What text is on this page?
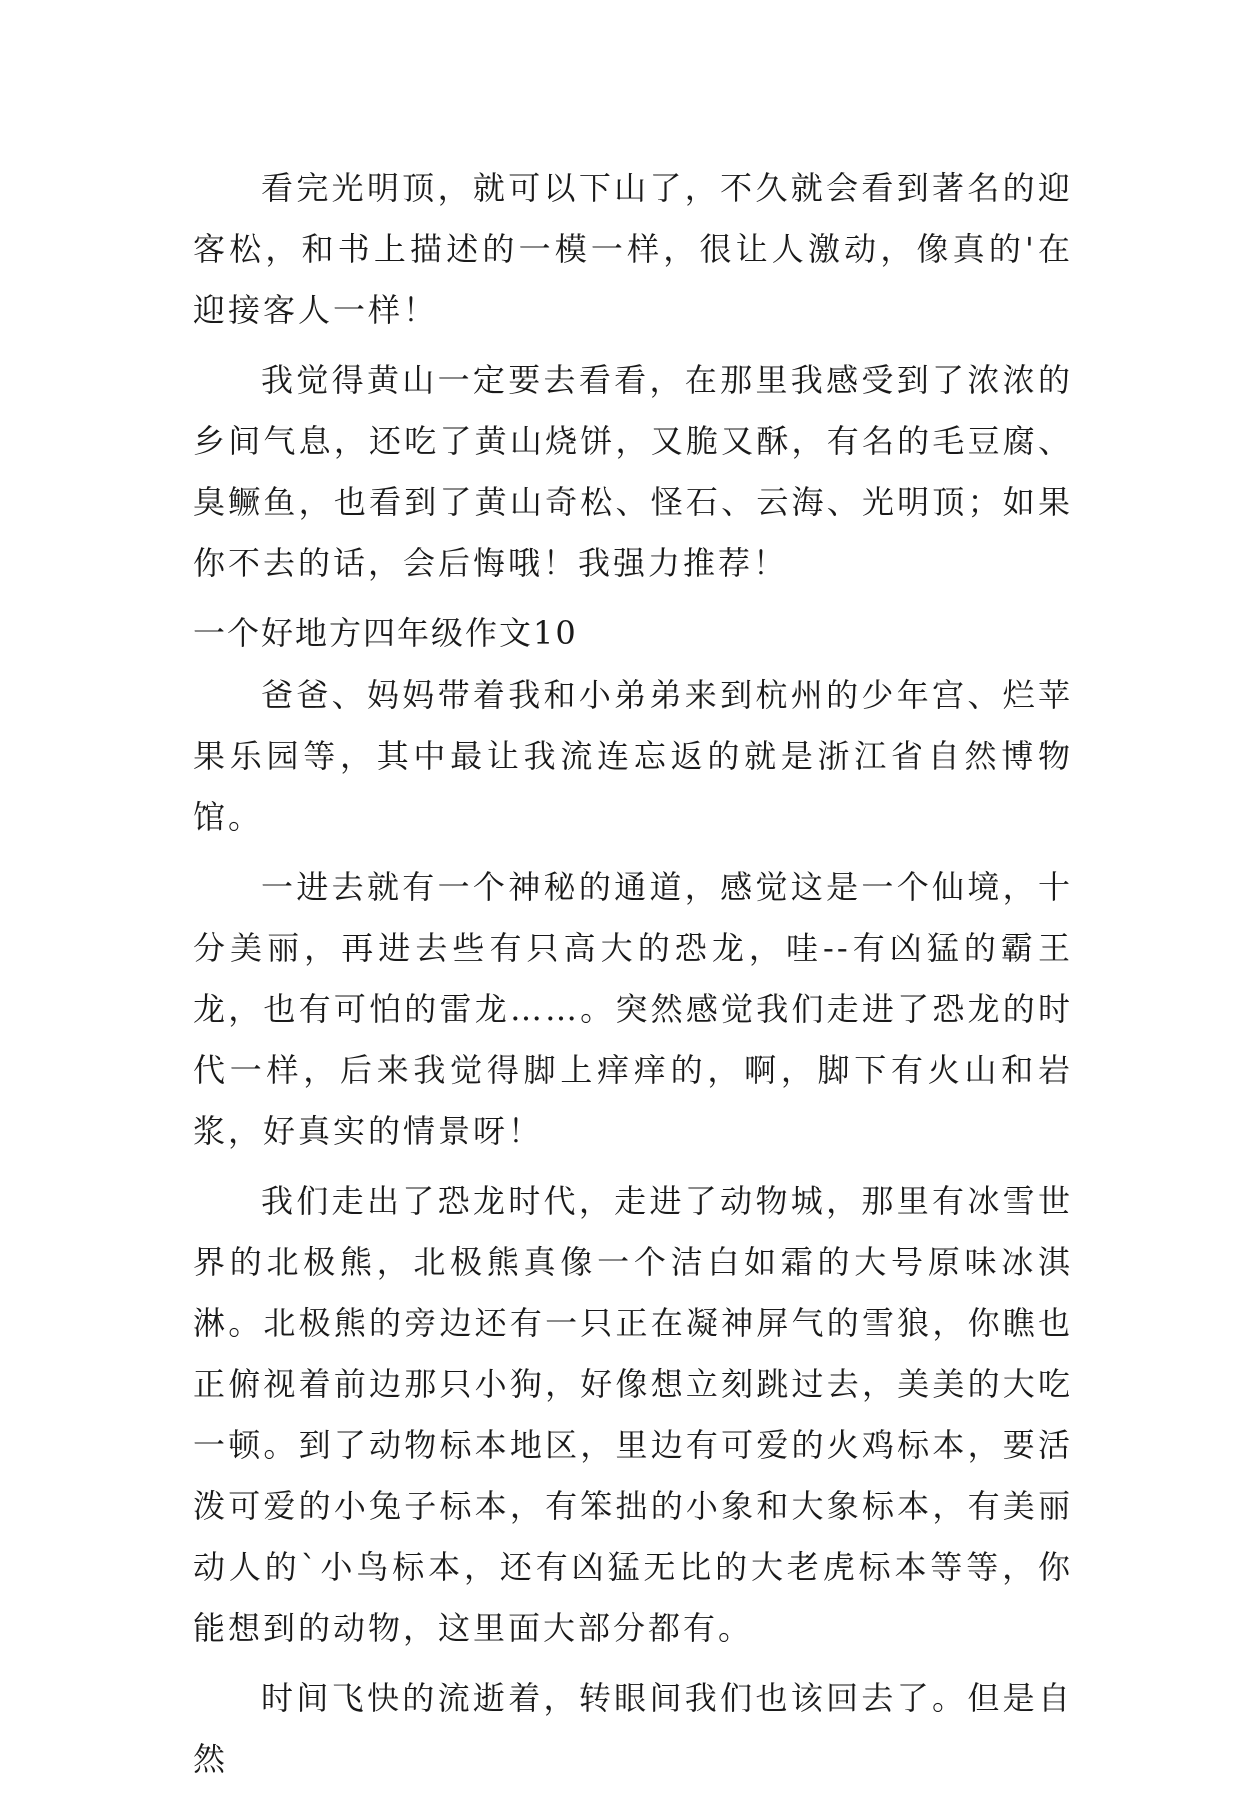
看完光明顶，就可以下山了，不久就会看到著名的迎客松，和书上描述的一模一样，很让人激动，像真的'在迎接客人一样！

我觉得黄山一定要去看看，在那里我感受到了浓浓的乡间气息，还吃了黄山烧饼，又脆又酥，有名的毛豆腐、臭鳜鱼，也看到了黄山奇松、怪石、云海、光明顶；如果你不去的话，会后悔哦！我强力推荐！

一个好地方四年级作文10

爸爸、妈妈带着我和小弟弟来到杭州的少年宫、烂苹果乐园等，其中最让我流连忘返的就是浙江省自然博物馆。

一进去就有一个神秘的通道，感觉这是一个仙境，十分美丽，再进去些有只高大的恐龙，哇--有凶猛的霸王龙，也有可怕的雷龙……。突然感觉我们走进了恐龙的时代一样，后来我觉得脚上痒痒的，啊，脚下有火山和岩浆，好真实的情景呀！

我们走出了恐龙时代，走进了动物城，那里有冰雪世界的北极熊，北极熊真像一个洁白如霜的大号原味冰淇淋。北极熊的旁边还有一只正在凝神屏气的雪狼，你瞧也正俯视着前边那只小狗，好像想立刻跳过去，美美的大吃一顿。到了动物标本地区，里边有可爱的火鸡标本，要活泼可爱的小兔子标本，有笨拙的小象和大象标本，有美丽动人的`小鸟标本，还有凶猛无比的大老虎标本等等，你能想到的动物，这里面大部分都有。

时间飞快的流逝着，转眼间我们也该回去了。但是自然
